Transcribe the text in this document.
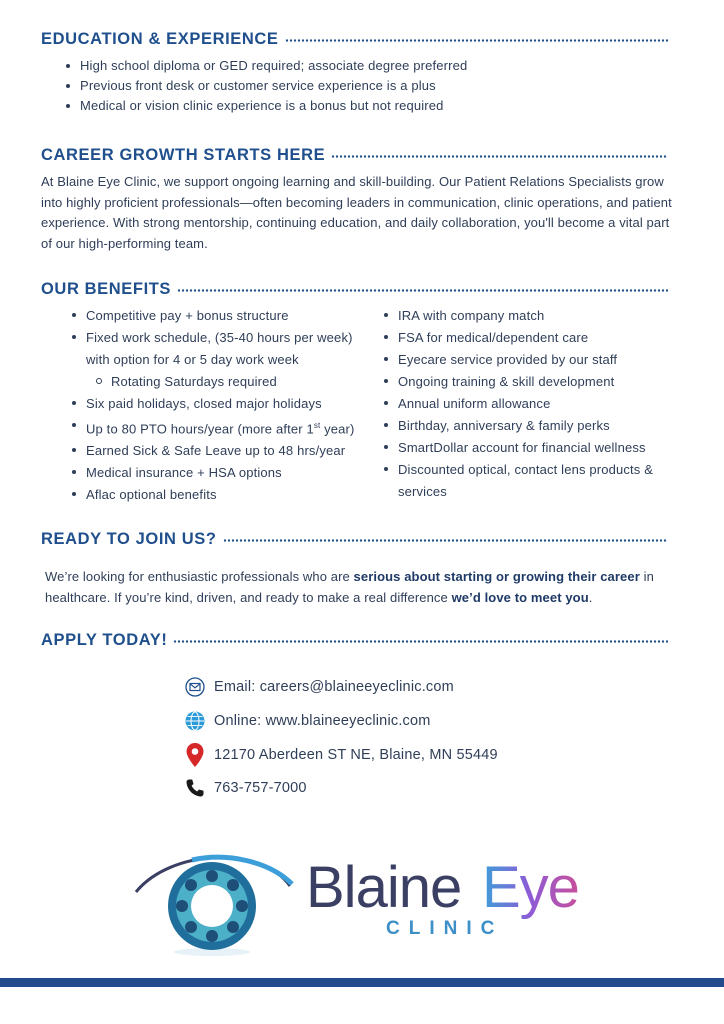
EDUCATION & EXPERIENCE
High school diploma or GED required; associate degree preferred
Previous front desk or customer service experience is a plus
Medical or vision clinic experience is a bonus but not required
CAREER GROWTH STARTS HERE
At Blaine Eye Clinic, we support ongoing learning and skill-building. Our Patient Relations Specialists grow into highly proficient professionals—often becoming leaders in communication, clinic operations, and patient experience. With strong mentorship, continuing education, and daily collaboration, you'll become a vital part of our high-performing team.
OUR BENEFITS
Competitive pay + bonus structure
Fixed work schedule, (35-40 hours per week) with option for 4 or 5 day work week
Rotating Saturdays required
Six paid holidays, closed major holidays
Up to 80 PTO hours/year (more after 1st year)
Earned Sick & Safe Leave up to 48 hrs/year
Medical insurance + HSA options
Aflac optional benefits
IRA with company match
FSA for medical/dependent care
Eyecare service provided by our staff
Ongoing training & skill development
Annual uniform allowance
Birthday, anniversary & family perks
SmartDollar account for financial wellness
Discounted optical, contact lens products & services
READY TO JOIN US?
We’re looking for enthusiastic professionals who are serious about starting or growing their career in healthcare. If you’re kind, driven, and ready to make a real difference we’d love to meet you.
APPLY TODAY!
Email: careers@blaineeyeclinic.com
Online: www.blaineeyeclinic.com
12170 Aberdeen ST NE, Blaine, MN 55449
763-757-7000
Blaine Eye
CLINIC
